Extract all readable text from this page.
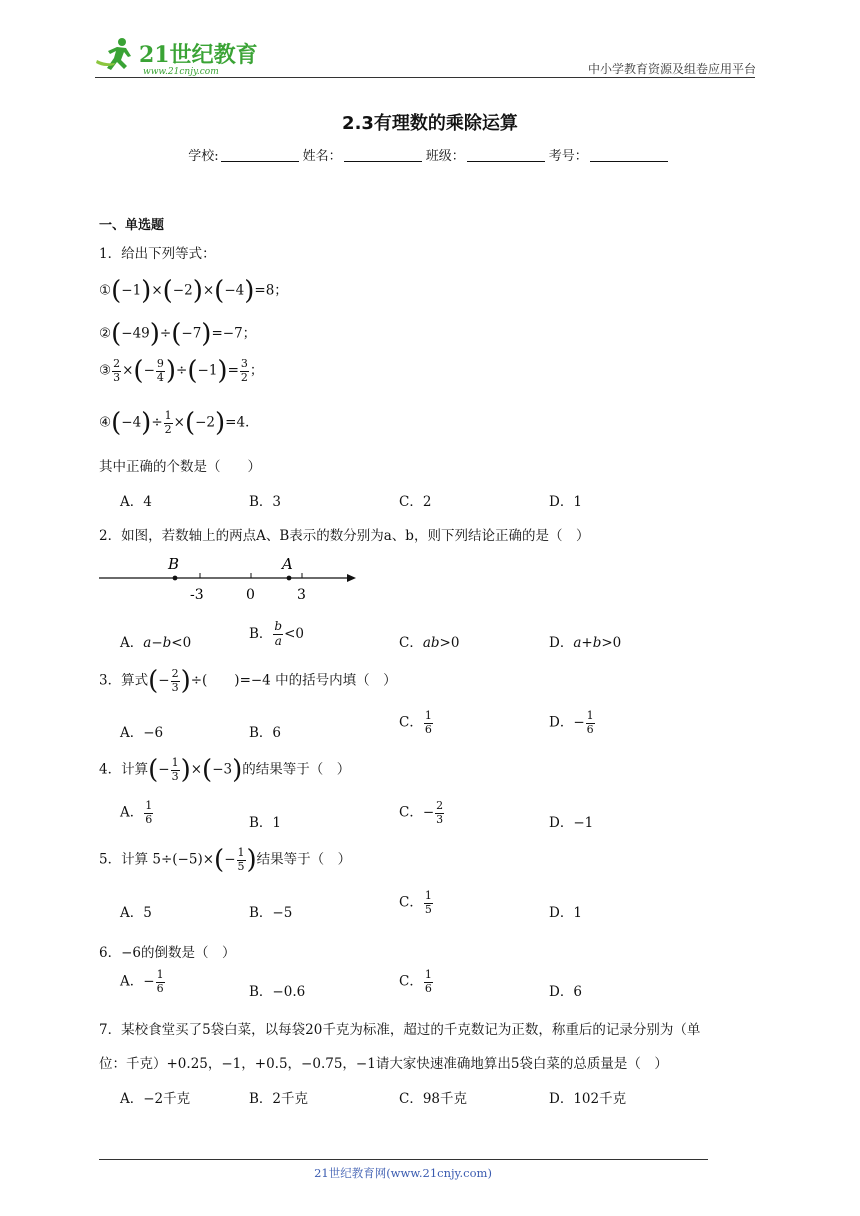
21世纪教育
www.21cnjy.com	中小学教育资源及组卷应用平台
2.3有理数的乘除运算
学校:	姓名：	班级：	考号：
一、单选题
1．给出下列等式：
①(−1)×(−2)×(−4)=8；
②(−49)÷(−7)=−7；
③ $\frac{2}{3}$ ×(− $\frac{9}{4} )\div(-1)= \frac{3}{2}$ ；
④(−4)÷ $\frac{1}{2} \times(-2)=4$．
其中正确的个数是（　　）
A．4	B．3	C．2	D．1
2．如图，若数轴上的两点A、B表示的数分别为a、b，则下列结论正确的是（　）
B	A
-3	0	3
A．a−b<0
B． $\frac{b}{a} <0$
C．ab>0	D．a+b>0
3．算式(− $\frac{2}{3}$ )÷(　　)=−4 中的括号内填（　）
A．−6	B．6
C． $\frac{1}{6}$	D．− $\frac{1}{6}$
4．计算(− $\frac{1}{3} )\times(-3)$的结果等于（　）
A． $\frac{1}{6}$	B．1
C．− $\frac{2}{3}$	D．−1
5．计算 $5\div(-5)\times(- \frac{1}{5}$ )结果等于（　）
A．5	B．−5
C． $\frac{1}{5}$	D．1
6．−6的倒数是（　）
A．− $\frac{1}{6}$	B．−0.6
C． $\frac{1}{6}$	D．6
7．某校食堂买了5袋白菜，以每袋20千克为标准，超过的千克数记为正数，称重后的记录分别为（单
位：千克）+0.25，−1，+0.5，−0.75，−1请大家快速准确地算出5袋白菜的总质量是（　）
A．−2千克	B．2千克	C．98千克	D．102千克
21世纪教育网(www.21cnjy.com)
